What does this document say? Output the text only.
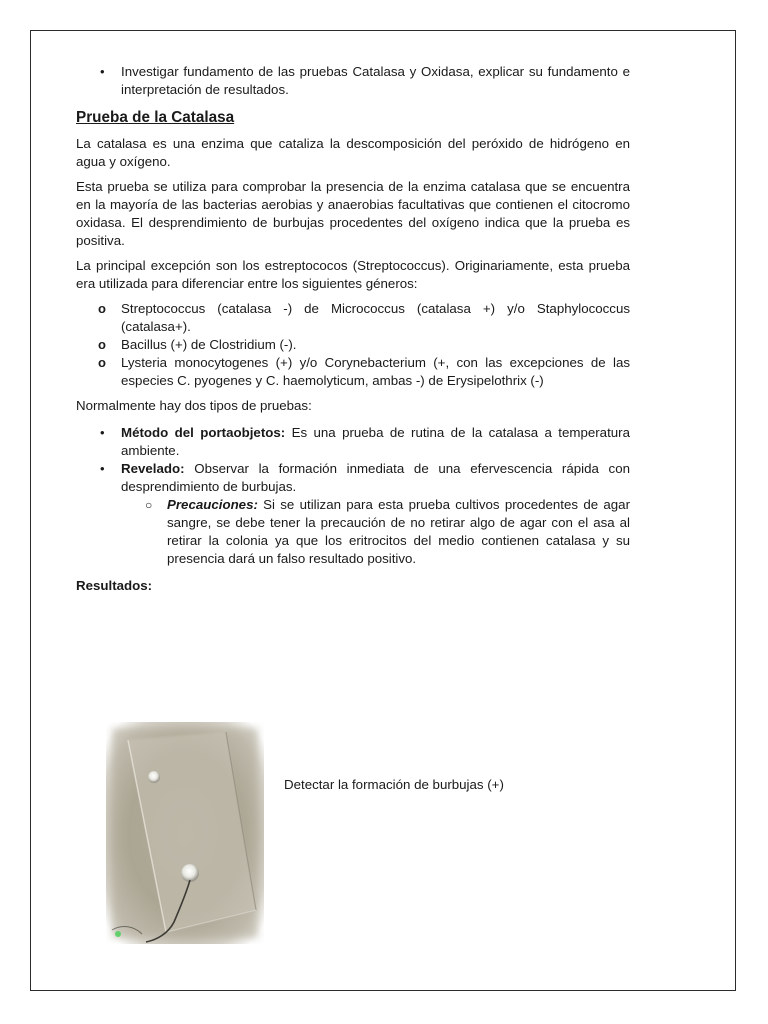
• Investigar fundamento de las pruebas Catalasa y Oxidasa, explicar su fundamento e interpretación de resultados.
Prueba de la Catalasa

La catalasa es una enzima que cataliza la descomposición del peróxido de hidrógeno en agua y oxígeno.

Esta prueba se utiliza para comprobar la presencia de la enzima catalasa que se encuentra en la mayoría de las bacterias aerobias y anaerobias facultativas que contienen el citocromo oxidasa. El desprendimiento de burbujas procedentes del oxígeno indica que la prueba es positiva.

La principal excepción son los estreptococos (Streptococcus). Originariamente, esta prueba era utilizada para diferenciar entre los siguientes géneros:

o Streptococcus (catalasa -) de Micrococcus (catalasa +) y/o Staphylococcus (catalasa+).
o Bacillus (+) de Clostridium (-).
o Lysteria monocytogenes (+) y/o Corynebacterium (+, con las excepciones de las especies C. pyogenes y C. haemolyticum, ambas -) de Erysipelothrix (-)

Normalmente hay dos tipos de pruebas:

• Método del portaobjetos: Es una prueba de rutina de la catalasa a temperatura ambiente.
• Revelado: Observar la formación inmediata de una efervescencia rápida con desprendimiento de burbujas.
○ Precauciones: Si se utilizan para esta prueba cultivos procedentes de agar sangre, se debe tener la precaución de no retirar algo de agar con el asa al retirar la colonia ya que los eritrocitos del medio contienen catalasa y su presencia dará un falso resultado positivo.
Resultados:
Detectar la formación de burbujas (+)
